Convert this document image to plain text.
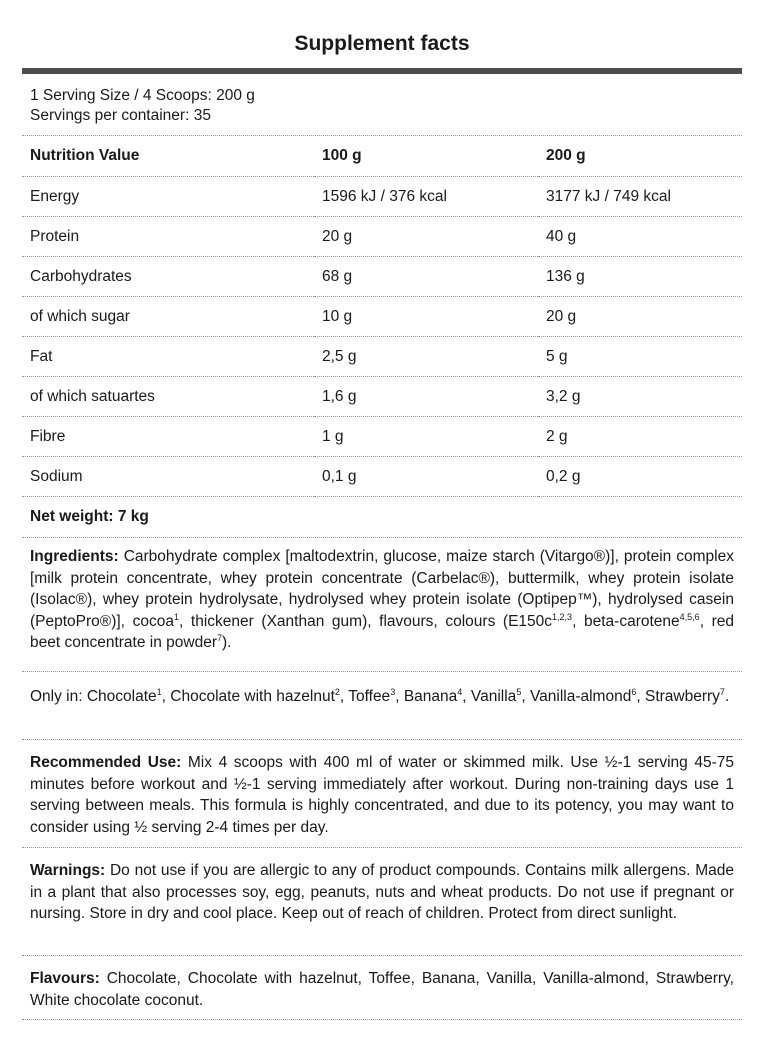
Supplement facts
1 Serving Size / 4 Scoops: 200 g
Servings per container: 35
Nutrition Value	100 g	200 g
Energy	1596 kJ / 376 kcal	3177 kJ / 749 kcal
Protein	20 g	40 g
Carbohydrates	68 g	136 g
of which sugar	10 g	20 g
Fat	2,5 g	5 g
of which satuartes	1,6 g	3,2 g
Fibre	1 g	2 g
Sodium	0,1 g	0,2 g
Net weight: 7 kg
Ingredients: Carbohydrate complex [maltodextrin, glucose, maize starch (Vitargo®)], protein complex [milk protein concentrate, whey protein concentrate (Carbelac®), buttermilk, whey protein isolate (Isolac®), whey protein hydrolysate, hydrolysed whey protein isolate (Optipep™), hydrolysed casein (PeptoPro®)], cocoa$^1$, thickener (Xanthan gum), flavours, colours ($E150c^{1,2,3}$, beta-carotene$^{4,5,6}$, red beet concentrate in powder$^7$).
Only in: Chocolate$^1$, Chocolate with hazelnut$^2$, Toffee$^3$, Banana$^4$, Vanilla$^5$, Vanilla-almond$^6$, Strawberry$^7$.
Recommended Use: Mix 4 scoops with 400 ml of water or skimmed milk. Use ½-1 serving 45-75 minutes before workout and ½-1 serving immediately after workout. During non-training days use 1 serving between meals. This formula is highly concentrated, and due to its potency, you may want to consider using ½ serving 2-4 times per day.
Warnings: Do not use if you are allergic to any of product compounds. Contains milk allergens. Made in a plant that also processes soy, egg, peanuts, nuts and wheat products. Do not use if pregnant or nursing. Store in dry and cool place. Keep out of reach of children. Protect from direct sunlight.
Flavours: Chocolate, Chocolate with hazelnut, Toffee, Banana, Vanilla, Vanilla-almond, Strawberry, White chocolate coconut.
